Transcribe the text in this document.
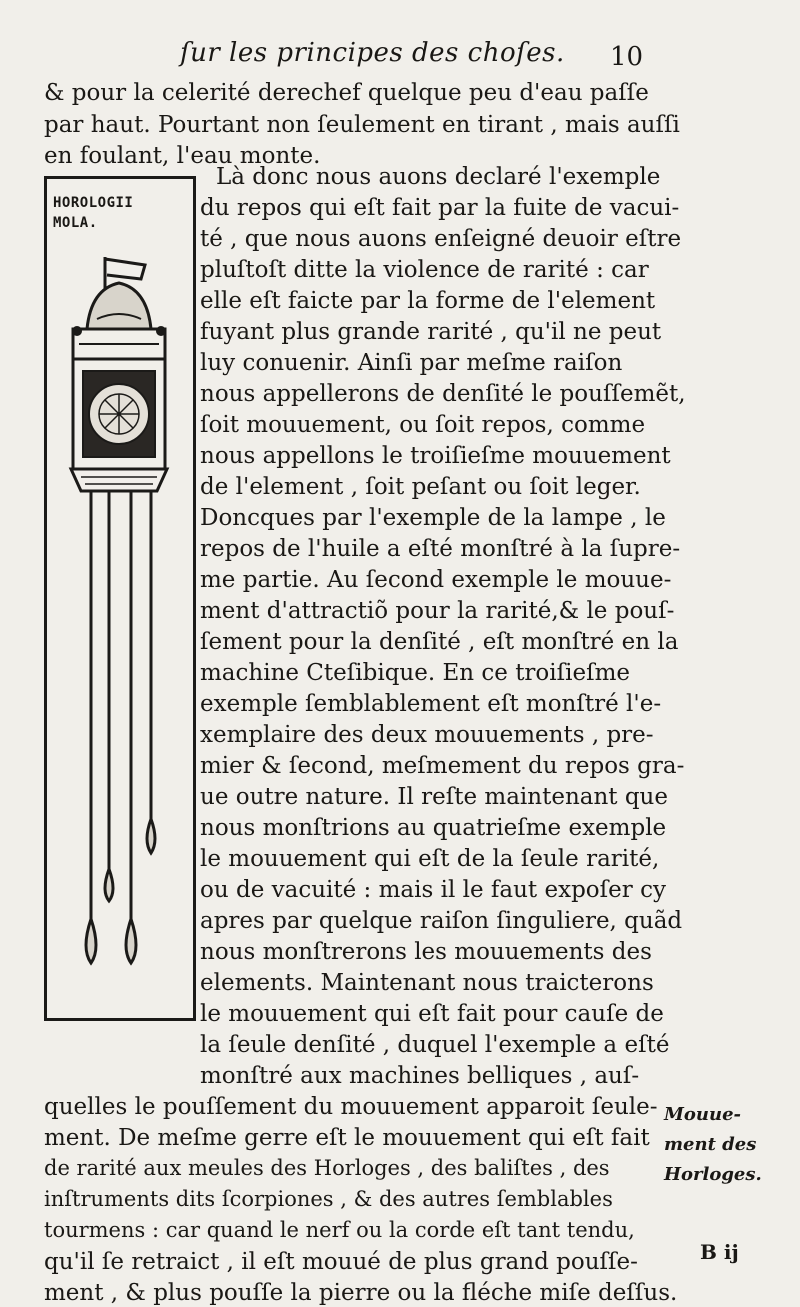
ſur les principes des choſes.	10
& pour la celerité derechef quelque peu d'eau paſſe
par haut. Pourtant non ſeulement en tirant , mais auſſi
en foulant, l'eau monte.
HOROLOGII
MOLA.
Là donc nous auons declaré l'exemple
du repos qui eſt fait par la fuite de vacui-
té , que nous auons enſeigné deuoir eſtre
pluſtoſt ditte la violence de rarité : car
elle eſt faicte par la forme de l'element
fuyant plus grande rarité , qu'il ne peut
luy conuenir. Ainſi par meſme raiſon
nous appellerons de denſité le pouſſemẽt,
ſoit mouuement, ou ſoit repos, comme
nous appellons le troiſieſme mouuement
de l'element , ſoit peſant ou ſoit leger.
Doncques par l'exemple de la lampe , le
repos de l'huile a eſté monſtré à la ſupre-
me partie. Au ſecond exemple le mouue-
ment d'attractiõ pour la rarité,& le pouſ-
ſement pour la denſité , eſt monſtré en la
machine Cteſibique. En ce troiſieſme
exemple ſemblablement eſt monſtré l'e-
xemplaire des deux mouuements , pre-
mier & ſecond, meſmement du repos gra-
ue outre nature. Il reſte maintenant que
nous monſtrions au quatrieſme exemple
le mouuement qui eſt de la ſeule rarité,
ou de vacuité : mais il le faut expoſer cy
apres par quelque raiſon ſinguliere, quãd
nous monſtrerons les mouuements des
elements. Maintenant nous traicterons
le mouuement qui eſt fait pour cauſe de
la ſeule denſité , duquel l'exemple a eſté
monſtré aux machines belliques , auſ-
quelles le pouſſement du mouuement apparoit ſeule-
ment. De meſme gerre eſt le mouuement qui eſt fait
de rarité aux meules des Horloges , des baliſtes , des
inſtruments dits ſcorpiones , & des autres ſemblables
tourmens : car quand le nerf ou la corde eſt tant tendu,
qu'il ſe retraict , il eſt mouué de plus grand pouſſe-
ment , & plus pouſſe la pierre ou la fléche miſe deſſus.
Mouue-
ment des
Horloges.
B ij
